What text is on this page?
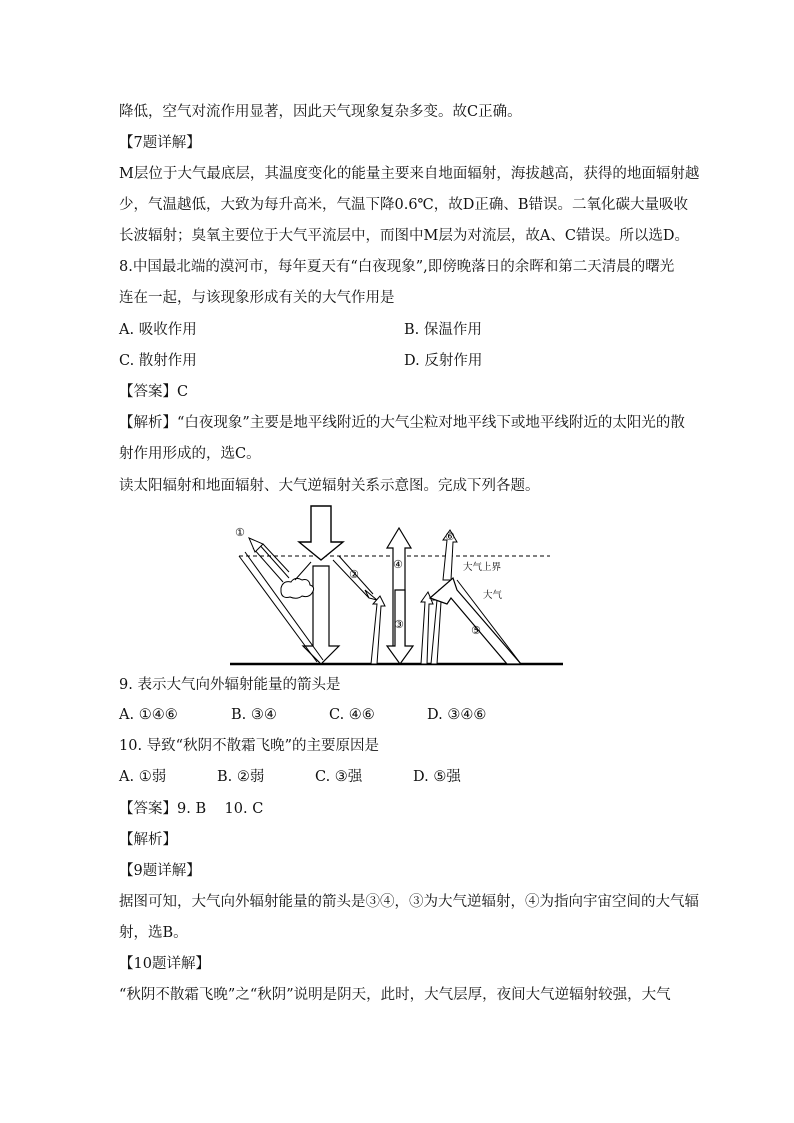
降低，空气对流作用显著，因此天气现象复杂多变。故C正确。
【7题详解】
M层位于大气最底层，其温度变化的能量主要来自地面辐射，海拔越高，获得的地面辐射越
少，气温越低，大致为每升高米，气温下降0.6℃，故D正确、B错误。二氧化碳大量吸收
长波辐射；臭氧主要位于大气平流层中，而图中M层为对流层，故A、C错误。所以选D。
8.中国最北端的漠河市，每年夏天有“白夜现象”,即傍晚落日的余晖和第二天清晨的曙光
连在一起，与该现象形成有关的大气作用是
A. 吸收作用	B. 保温作用
C. 散射作用	D. 反射作用
【答案】C
【解析】“白夜现象”主要是地平线附近的大气尘粒对地平线下或地平线附近的太阳光的散
射作用形成的，选C。
读太阳辐射和地面辐射、大气逆辐射关系示意图。完成下列各题。
①
②
③
④
⑤
⑥
大气上界
大气
9. 表示大气向外辐射能量的箭头是
A. ①④⑥	B. ③④	C. ④⑥	D. ③④⑥
10. 导致“秋阴不散霜飞晚”的主要原因是
A. ①弱	B. ②弱	C. ③强	D. ⑤强
【答案】9. B    10. C
【解析】
【9题详解】
据图可知，大气向外辐射能量的箭头是③④，③为大气逆辐射，④为指向宇宙空间的大气辐
射，选B。
【10题详解】
“秋阴不散霜飞晚”之“秋阴”说明是阴天，此时，大气层厚，夜间大气逆辐射较强，大气
